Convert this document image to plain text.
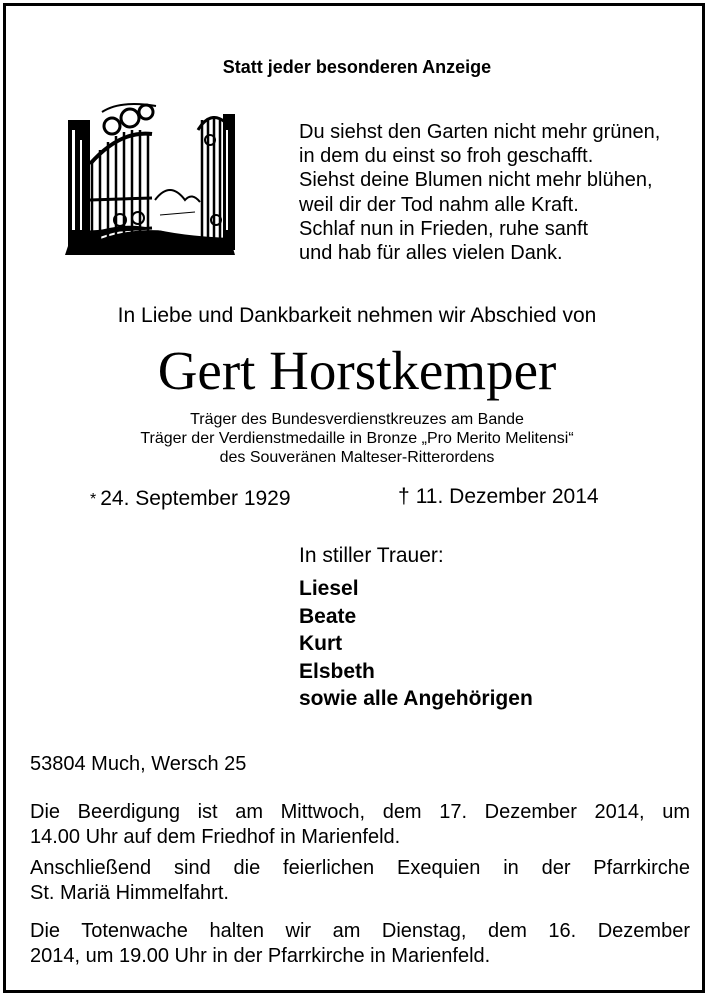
Statt jeder besonderen Anzeige
Du siehst den Garten nicht mehr grünen,
in dem du einst so froh geschafft.
Siehst deine Blumen nicht mehr blühen,
weil dir der Tod nahm alle Kraft.
Schlaf nun in Frieden, ruhe sanft
und hab für alles vielen Dank.
In Liebe und Dankbarkeit nehmen wir Abschied von
Gert Horstkemper
Träger des Bundesverdienstkreuzes am Bande
Träger der Verdienstmedaille in Bronze „Pro Merito Melitensi“
des Souveränen Malteser-Ritterordens
* 24. September 1929	† 11. Dezember 2014
In stiller Trauer:
Liesel
Beate
Kurt
Elsbeth
sowie alle Angehörigen
53804 Much, Wersch 25
Die Beerdigung ist am Mittwoch, dem 17. Dezember 2014, um
14.00 Uhr auf dem Friedhof in Marienfeld.
Anschließend sind die feierlichen Exequien in der Pfarrkirche
St. Mariä Himmelfahrt.
Die Totenwache halten wir am Dienstag, dem 16. Dezember
2014, um 19.00 Uhr in der Pfarrkirche in Marienfeld.
